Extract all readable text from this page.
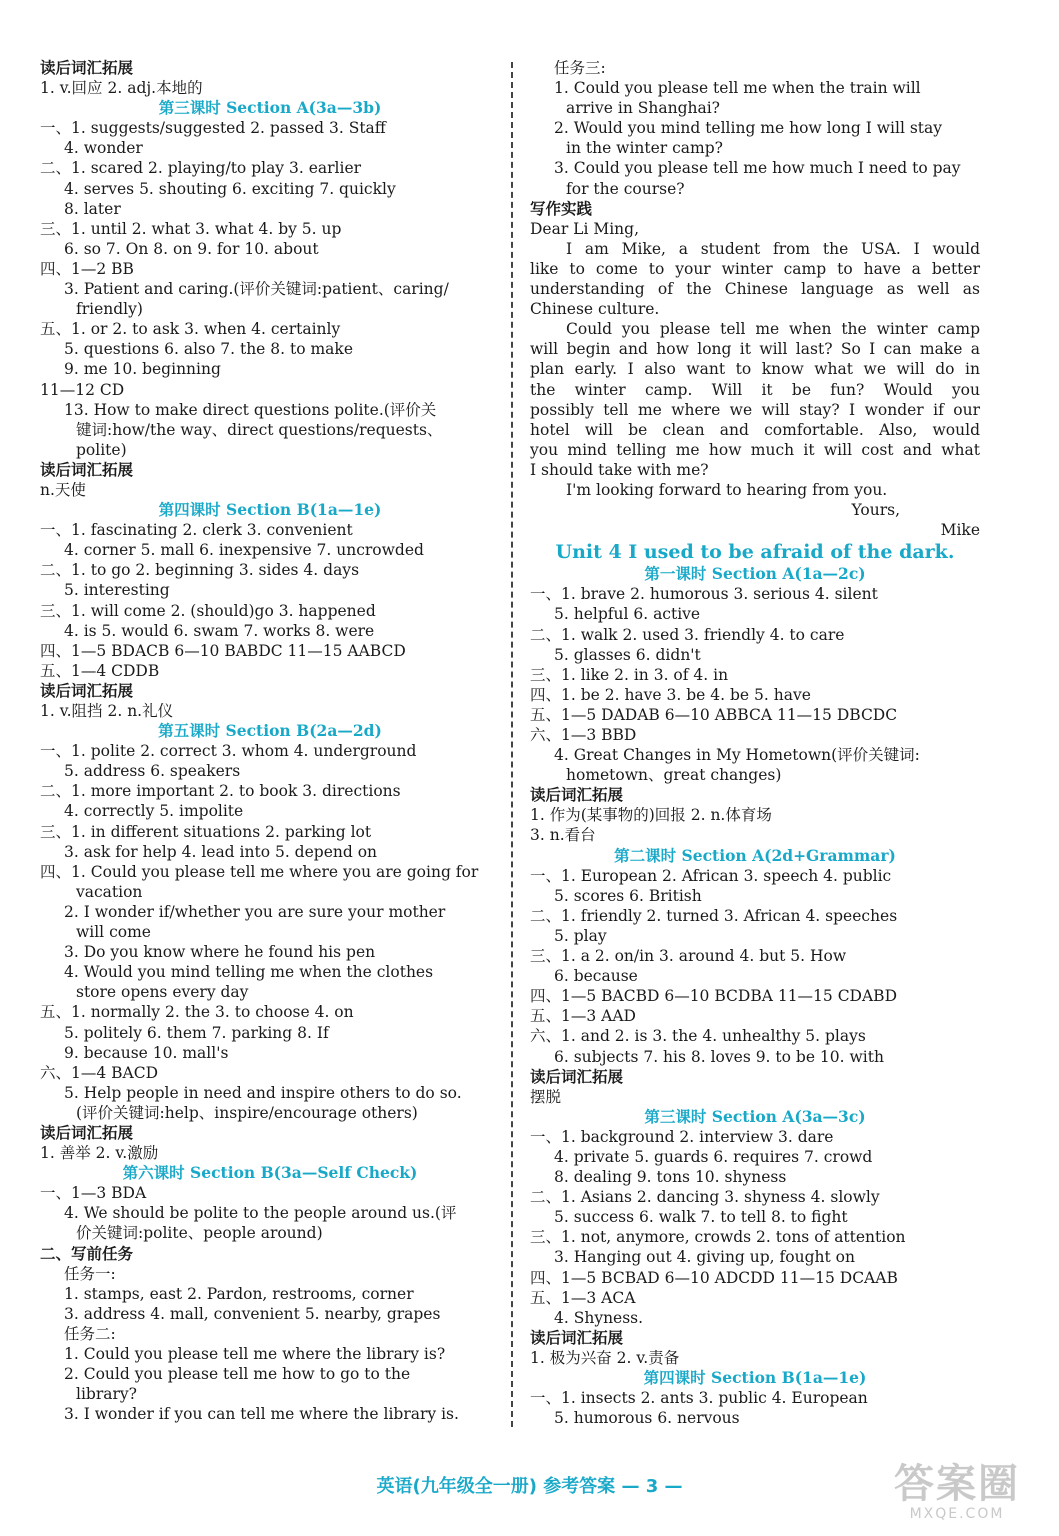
读后词汇拓展
1. v.回应 2. adj.本地的
第三课时 Section A(3a—3b)
一、1. suggests/suggested 2. passed 3. Staff
4. wonder
二、1. scared 2. playing/to play 3. earlier
4. serves 5. shouting 6. exciting 7. quickly
8. later
三、1. until 2. what 3. what 4. by 5. up
6. so 7. On 8. on 9. for 10. about
四、1—2 BB
3. Patient and caring.(评价关键词:patient、caring/
friendly)
五、1. or 2. to ask 3. when 4. certainly
5. questions 6. also 7. the 8. to make
9. me 10. beginning
11—12 CD
13. How to make direct questions polite.(评价关
键词:how/the way、direct questions/requests、
polite)
读后词汇拓展
n.天使
第四课时 Section B(1a—1e)
一、1. fascinating 2. clerk 3. convenient
4. corner 5. mall 6. inexpensive 7. uncrowded
二、1. to go 2. beginning 3. sides 4. days
5. interesting
三、1. will come 2. (should)go 3. happened
4. is 5. would 6. swam 7. works 8. were
四、1—5 BDACB 6—10 BABDC 11—15 AABCD
五、1—4 CDDB
读后词汇拓展
1. v.阻挡 2. n.礼仪
第五课时 Section B(2a—2d)
一、1. polite 2. correct 3. whom 4. underground
5. address 6. speakers
二、1. more important 2. to book 3. directions
4. correctly 5. impolite
三、1. in different situations 2. parking lot
3. ask for help 4. lead into 5. depend on
四、1. Could you please tell me where you are going for
vacation
2. I wonder if/whether you are sure your mother
will come
3. Do you know where he found his pen
4. Would you mind telling me when the clothes
store opens every day
五、1. normally 2. the 3. to choose 4. on
5. politely 6. them 7. parking 8. If
9. because 10. mall's
六、1—4 BACD
5. Help people in need and inspire others to do so.
(评价关键词:help、inspire/encourage others)
读后词汇拓展
1. 善举 2. v.激励
第六课时 Section B(3a—Self Check)
一、1—3 BDA
4. We should be polite to the people around us.(评
价关键词:polite、people around)
二、写前任务
任务一:
1. stamps, east 2. Pardon, restrooms, corner
3. address 4. mall, convenient 5. nearby, grapes
任务二:
1. Could you please tell me where the library is?
2. Could you please tell me how to go to the
library?
3. I wonder if you can tell me where the library is.
任务三:
1. Could you please tell me when the train will
arrive in Shanghai?
2. Would you mind telling me how long I will stay
in the winter camp?
3. Could you please tell me how much I need to pay
for the course?
写作实践
Dear Li Ming,
I am Mike, a student from the USA. I would
like to come to your winter camp to have a better
understanding of the Chinese language as well as
Chinese culture.
Could you please tell me when the winter camp
will begin and how long it will last? So I can make a
plan early. I also want to know what we will do in
the winter camp. Will it be fun? Would you
possibly tell me where we will stay? I wonder if our
hotel will be clean and comfortable. Also, would
you mind telling me how much it will cost and what
I should take with me?
I'm looking forward to hearing from you.
Yours,
Mike
Unit 4 I used to be afraid of the dark.
第一课时 Section A(1a—2c)
一、1. brave 2. humorous 3. serious 4. silent
5. helpful 6. active
二、1. walk 2. used 3. friendly 4. to care
5. glasses 6. didn't
三、1. like 2. in 3. of 4. in
四、1. be 2. have 3. be 4. be 5. have
五、1—5 DADAB 6—10 ABBCA 11—15 DBCDC
六、1—3 BBD
4. Great Changes in My Hometown(评价关键词:
hometown、great changes)
读后词汇拓展
1. 作为(某事物的)回报 2. n.体育场
3. n.看台
第二课时 Section A(2d+Grammar)
一、1. European 2. African 3. speech 4. public
5. scores 6. British
二、1. friendly 2. turned 3. African 4. speeches
5. play
三、1. a 2. on/in 3. around 4. but 5. How
6. because
四、1—5 BACBD 6—10 BCDBA 11—15 CDABD
五、1—3 AAD
六、1. and 2. is 3. the 4. unhealthy 5. plays
6. subjects 7. his 8. loves 9. to be 10. with
读后词汇拓展
摆脱
第三课时 Section A(3a—3c)
一、1. background 2. interview 3. dare
4. private 5. guards 6. requires 7. crowd
8. dealing 9. tons 10. shyness
二、1. Asians 2. dancing 3. shyness 4. slowly
5. success 6. walk 7. to tell 8. to fight
三、1. not, anymore, crowds 2. tons of attention
3. Hanging out 4. giving up, fought on
四、1—5 BCBAD 6—10 ADCDD 11—15 DCAAB
五、1—3 ACA
4. Shyness.
读后词汇拓展
1. 极为兴奋 2. v.责备
第四课时 Section B(1a—1e)
一、1. insects 2. ants 3. public 4. European
5. humorous 6. nervous
英语(九年级全一册) 参考答案 — 3 —	答案圈
MXQE.COM
